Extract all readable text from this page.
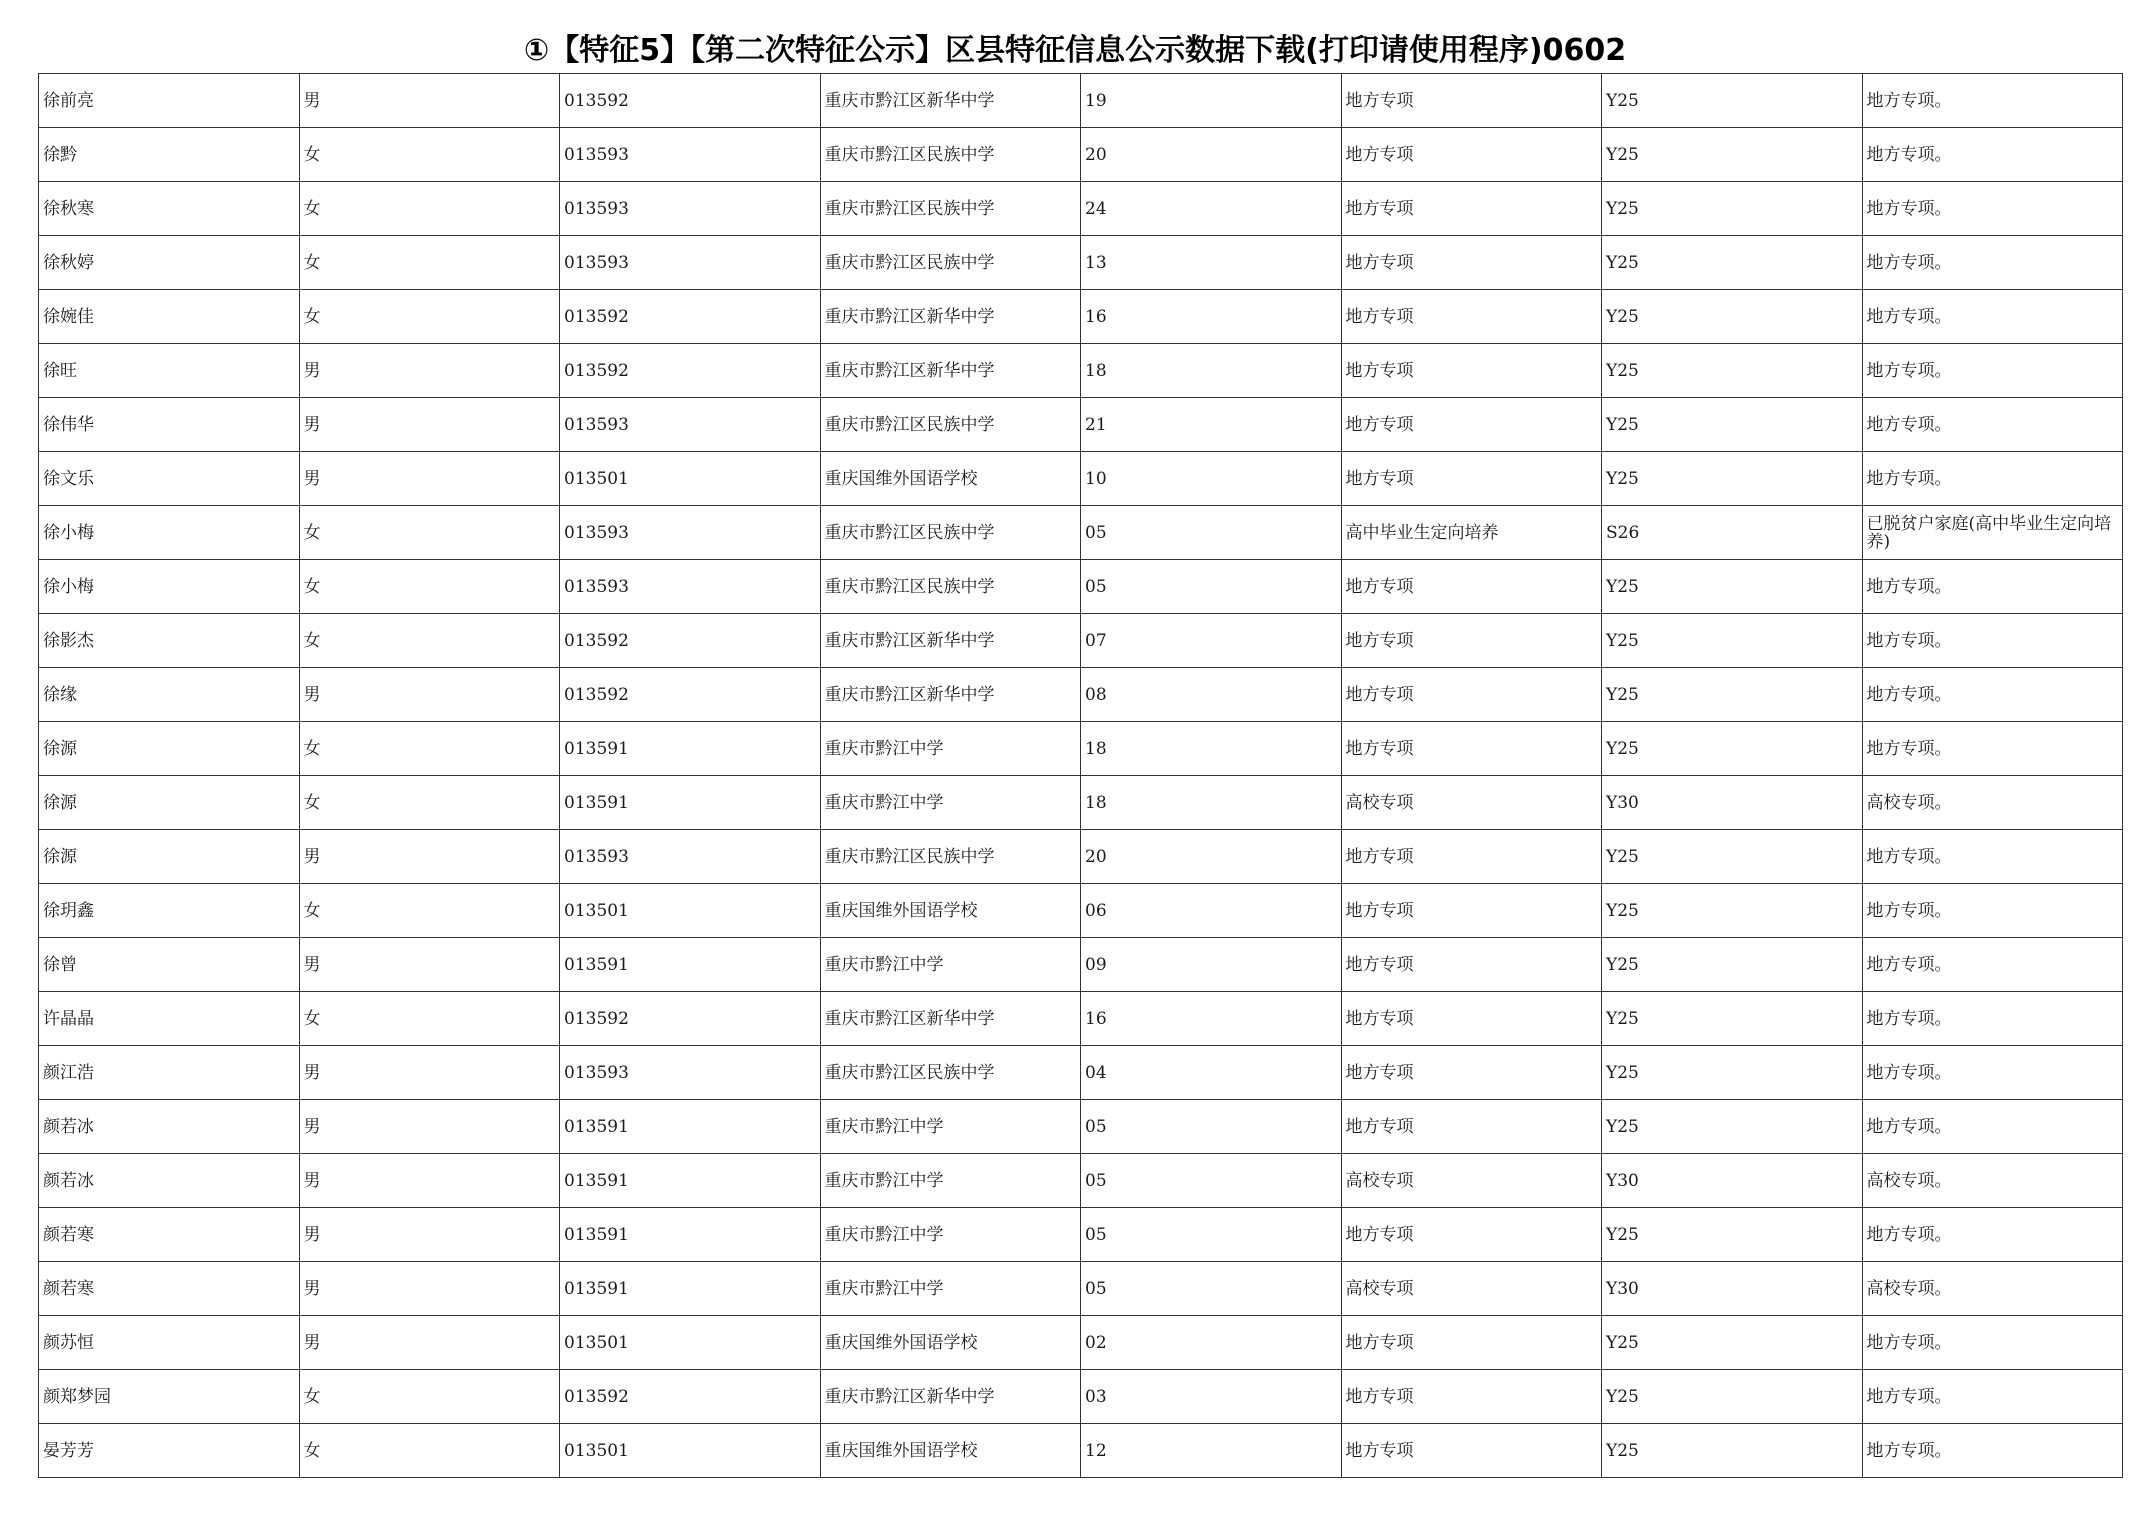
①【特征5】【第二次特征公示】区县特征信息公示数据下载(打印请使用程序)0602
徐前亮	男	013592	重庆市黔江区新华中学	19	地方专项	Y25	地方专项。
徐黔	女	013593	重庆市黔江区民族中学	20	地方专项	Y25	地方专项。
徐秋寒	女	013593	重庆市黔江区民族中学	24	地方专项	Y25	地方专项。
徐秋婷	女	013593	重庆市黔江区民族中学	13	地方专项	Y25	地方专项。
徐婉佳	女	013592	重庆市黔江区新华中学	16	地方专项	Y25	地方专项。
徐旺	男	013592	重庆市黔江区新华中学	18	地方专项	Y25	地方专项。
徐伟华	男	013593	重庆市黔江区民族中学	21	地方专项	Y25	地方专项。
徐文乐	男	013501	重庆国维外国语学校	10	地方专项	Y25	地方专项。
徐小梅	女	013593	重庆市黔江区民族中学	05	高中毕业生定向培养	S26	已脱贫户家庭(高中毕业生定向培养)
徐小梅	女	013593	重庆市黔江区民族中学	05	地方专项	Y25	地方专项。
徐影杰	女	013592	重庆市黔江区新华中学	07	地方专项	Y25	地方专项。
徐缘	男	013592	重庆市黔江区新华中学	08	地方专项	Y25	地方专项。
徐源	女	013591	重庆市黔江中学	18	地方专项	Y25	地方专项。
徐源	女	013591	重庆市黔江中学	18	高校专项	Y30	高校专项。
徐源	男	013593	重庆市黔江区民族中学	20	地方专项	Y25	地方专项。
徐玥鑫	女	013501	重庆国维外国语学校	06	地方专项	Y25	地方专项。
徐曾	男	013591	重庆市黔江中学	09	地方专项	Y25	地方专项。
许晶晶	女	013592	重庆市黔江区新华中学	16	地方专项	Y25	地方专项。
颜江浩	男	013593	重庆市黔江区民族中学	04	地方专项	Y25	地方专项。
颜若冰	男	013591	重庆市黔江中学	05	地方专项	Y25	地方专项。
颜若冰	男	013591	重庆市黔江中学	05	高校专项	Y30	高校专项。
颜若寒	男	013591	重庆市黔江中学	05	地方专项	Y25	地方专项。
颜若寒	男	013591	重庆市黔江中学	05	高校专项	Y30	高校专项。
颜苏恒	男	013501	重庆国维外国语学校	02	地方专项	Y25	地方专项。
颜郑梦园	女	013592	重庆市黔江区新华中学	03	地方专项	Y25	地方专项。
晏芳芳	女	013501	重庆国维外国语学校	12	地方专项	Y25	地方专项。
